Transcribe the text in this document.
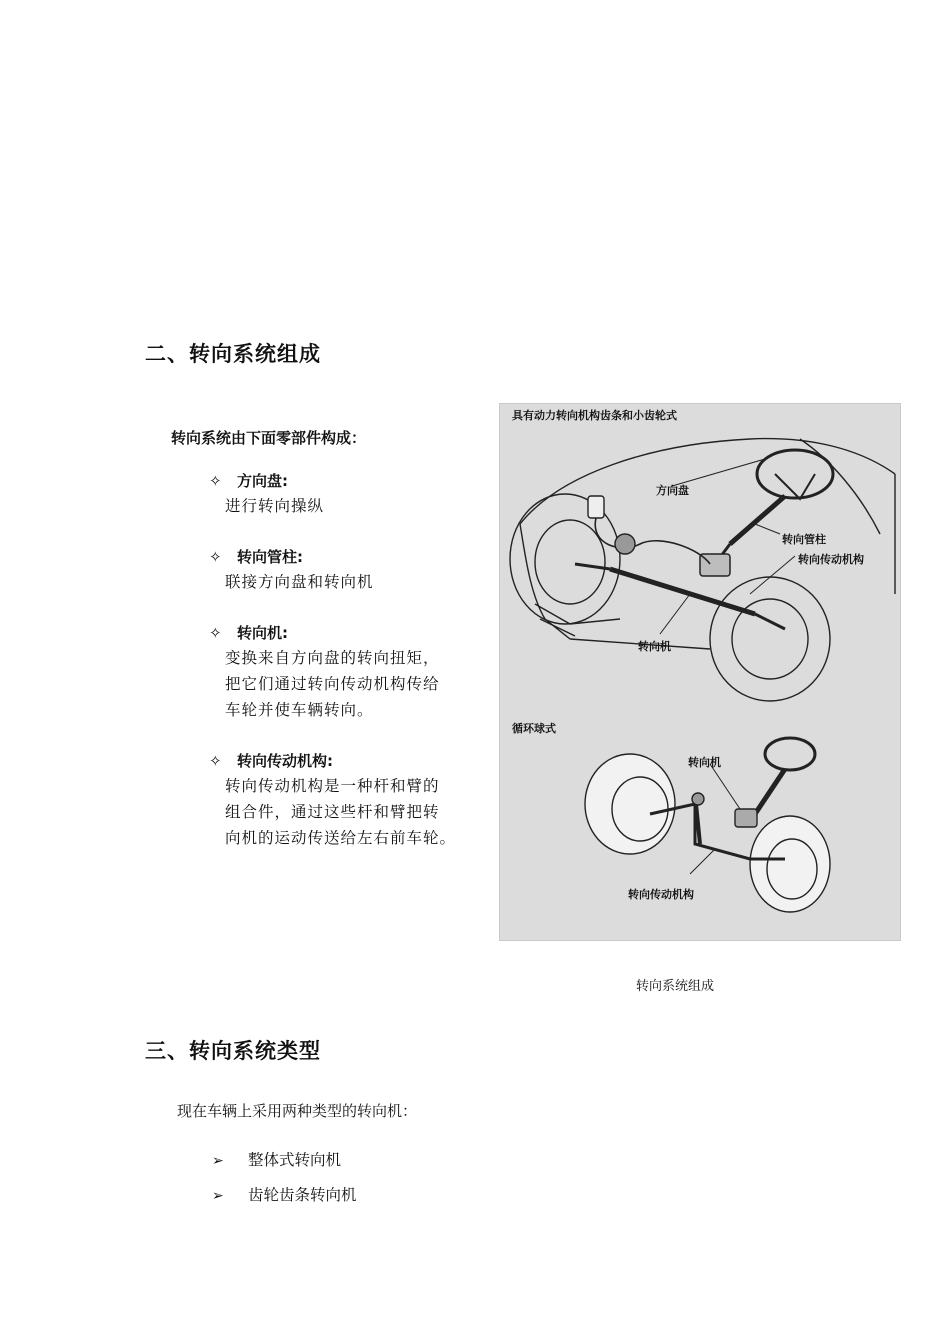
二、转向系统组成
转向系统由下面零部件构成：
✧ 方向盘:
进行转向操纵
✧ 转向管柱:
联接方向盘和转向机
✧ 转向机:
变换来自方向盘的转向扭矩，
把它们通过转向传动机构传给
车轮并使车辆转向。
✧ 转向传动机构:
转向传动机构是一种杆和臂的
组合件，通过这些杆和臂把转
向机的运动传送给左右前车轮。
具有动力转向机构齿条和小齿轮式
方向盘
转向管柱
转向传动机构
转向机
循环球式
转向机
转向传动机构
转向系统组成
三、转向系统类型
现在车辆上采用两种类型的转向机：
➢ 整体式转向机
➢ 齿轮齿条转向机
